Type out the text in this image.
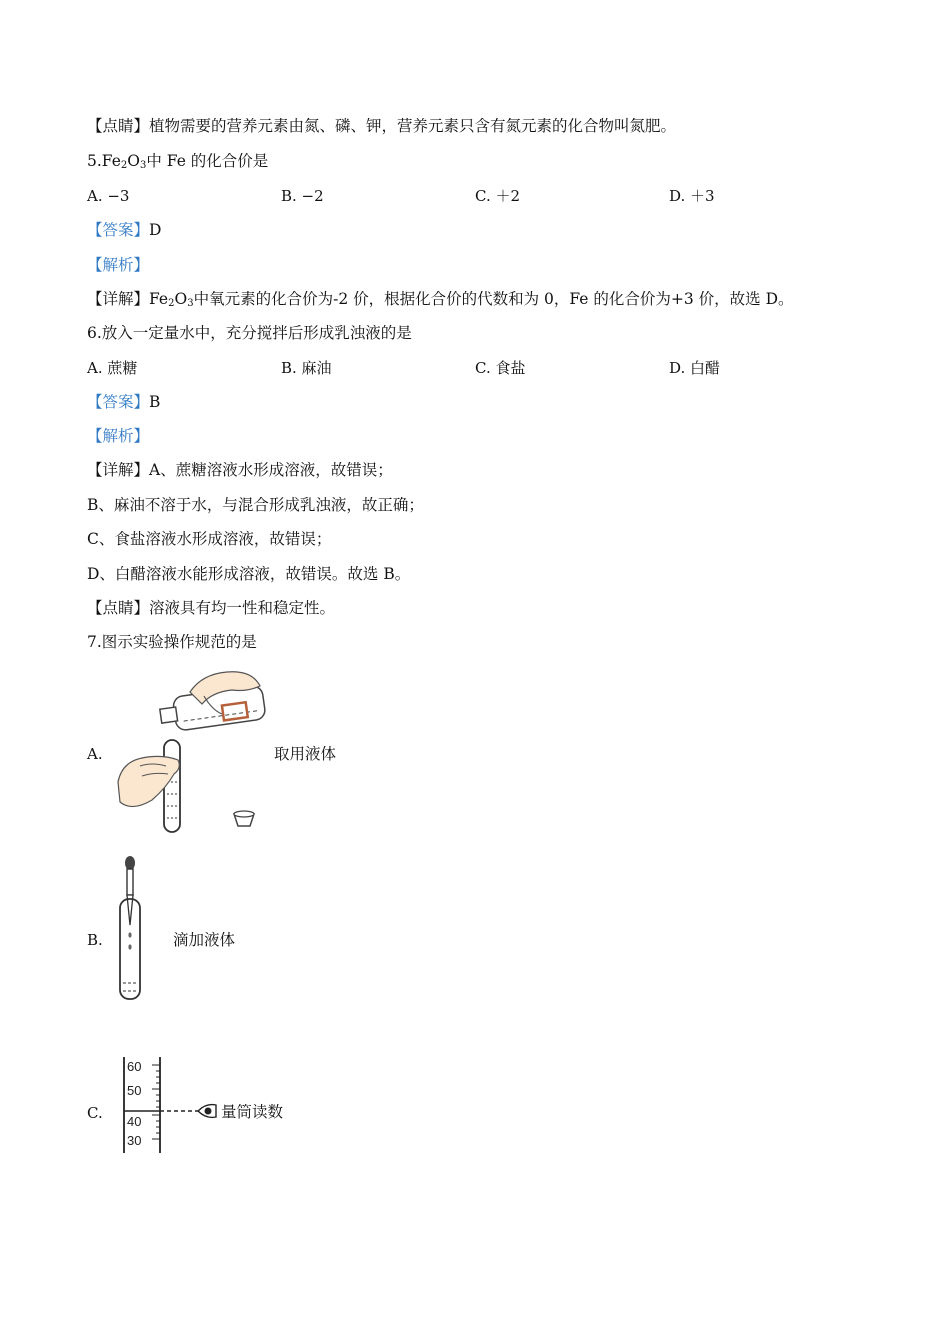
【点睛】植物需要的营养元素由氮、磷、钾，营养元素只含有氮元素的化合物叫氮肥。
$5.Fe_2O_3$中 Fe 的化合价是
A. −3	B. −2	C. ＋2	D. ＋3
【答案】D
【解析】
【详解】$Fe_2O_3$中氧元素的化合价为-2 价，根据化合价的代数和为 0，Fe 的化合价为+3 价，故选 D。
6.放入一定量水中，充分搅拌后形成乳浊液的是
A. 蔗糖	B. 麻油	C. 食盐	D. 白醋
【答案】B
【解析】
【详解】A、蔗糖溶液水形成溶液，故错误；
B、麻油不溶于水，与混合形成乳浊液，故正确；
C、食盐溶液水形成溶液，故错误；
D、白醋溶液水能形成溶液，故错误。故选 B。
【点睛】溶液具有均一性和稳定性。
7.图示实验操作规范的是
A.	取用液体
B.	滴加液体
C.
60
50
40
30
量筒读数
